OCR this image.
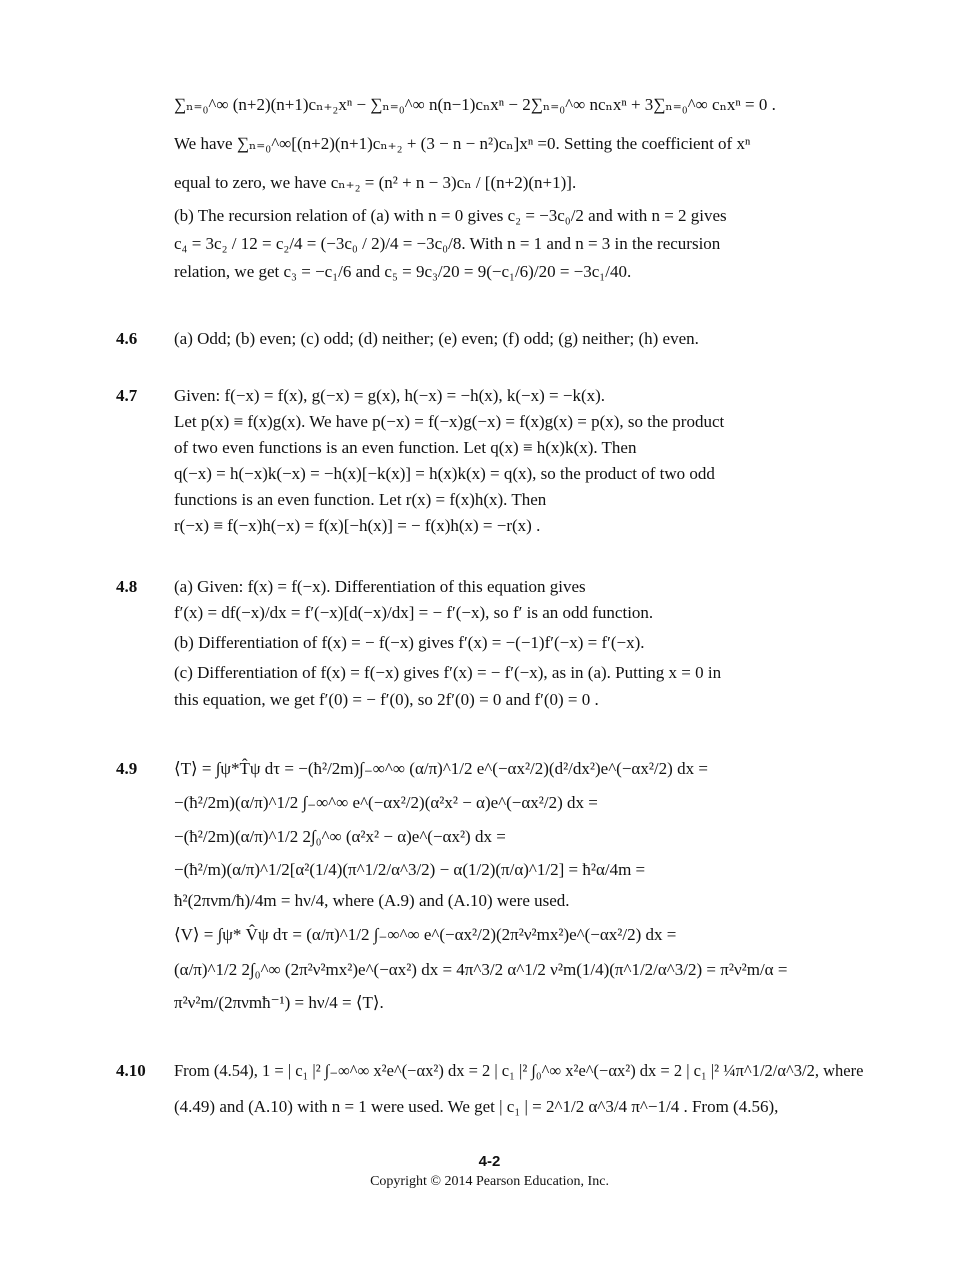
∑ₙ₌₀^∞ (n+2)(n+1)cₙ₊₂xⁿ − ∑ₙ₌₀^∞ n(n−1)cₙxⁿ − 2∑ₙ₌₀^∞ ncₙxⁿ + 3∑ₙ₌₀^∞ cₙxⁿ = 0 .
We have ∑ₙ₌₀^∞[(n+2)(n+1)cₙ₊₂ + (3 − n − n²)cₙ]xⁿ =0. Setting the coefficient of xⁿ
equal to zero, we have cₙ₊₂ = (n² + n − 3)cₙ / [(n+2)(n+1)].
(b) The recursion relation of (a) with n = 0 gives c₂ = −3c₀/2 and with n = 2 gives
c₄ = 3c₂ / 12 = c₂/4 = (−3c₀ / 2)/4 = −3c₀/8. With n = 1 and n = 3 in the recursion
relation, we get c₃ = −c₁/6 and c₅ = 9c₃/20 = 9(−c₁/6)/20 = −3c₁/40.
4.6 (a) Odd; (b) even; (c) odd; (d) neither; (e) even; (f) odd; (g) neither; (h) even.
4.7 Given: f(−x) = f(x), g(−x) = g(x), h(−x) = −h(x), k(−x) = −k(x).
Let p(x) ≡ f(x)g(x). We have p(−x) = f(−x)g(−x) = f(x)g(x) = p(x), so the product
of two even functions is an even function. Let q(x) ≡ h(x)k(x). Then
q(−x) = h(−x)k(−x) = −h(x)[−k(x)] = h(x)k(x) = q(x), so the product of two odd
functions is an even function. Let r(x) = f(x)h(x). Then
r(−x) ≡ f(−x)h(−x) = f(x)[−h(x)] = − f(x)h(x) = −r(x) .
4.8 (a) Given: f(x) = f(−x). Differentiation of this equation gives
f′(x) = df(−x)/dx = f′(−x)[d(−x)/dx] = − f′(−x), so f′ is an odd function.
(b) Differentiation of f(x) = − f(−x) gives f′(x) = −(−1)f′(−x) = f′(−x).
(c) Differentiation of f(x) = f(−x) gives f′(x) = − f′(−x), as in (a). Putting x = 0 in
this equation, we get f′(0) = − f′(0), so 2f′(0) = 0 and f′(0) = 0 .
4.9 ⟨T⟩ = ∫ψ*T̂ψ dτ = −(ħ²/2m)∫₋∞^∞ (α/π)^1/2 e^(−αx²/2)(d²/dx²)e^(−αx²/2) dx =
−(ħ²/2m)(α/π)^1/2 ∫₋∞^∞ e^(−αx²/2)(α²x² − α)e^(−αx²/2) dx =
−(ħ²/2m)(α/π)^1/2 2∫₀^∞ (α²x² − α)e^(−αx²) dx =
−(ħ²/m)(α/π)^1/2[α²(1/4)(π^1/2/α^3/2) − α(1/2)(π/α)^1/2] = ħ²α/4m =
ħ²(2πνm/ħ)/4m = hν/4, where (A.9) and (A.10) were used.
⟨V⟩ = ∫ψ* V̂ψ dτ = (α/π)^1/2 ∫₋∞^∞ e^(−αx²/2)(2π²ν²mx²)e^(−αx²/2) dx =
(α/π)^1/2 2∫₀^∞ (2π²ν²mx²)e^(−αx²) dx = 4π^3/2 α^1/2 ν²m(1/4)(π^1/2/α^3/2) = π²ν²m/α =
π²ν²m/(2πνmħ⁻¹) = hν/4 = ⟨T⟩.
4.10 From (4.54), 1 = | c₁ |² ∫₋∞^∞ x²e^(−αx²) dx = 2 | c₁ |² ∫₀^∞ x²e^(−αx²) dx = 2 | c₁ |² ¼π^1/2/α^3/2, where
(4.49) and (A.10) with n = 1 were used. We get | c₁ | = 2^1/2 α^3/4 π^−1/4 . From (4.56),
4-2
Copyright © 2014 Pearson Education, Inc.
